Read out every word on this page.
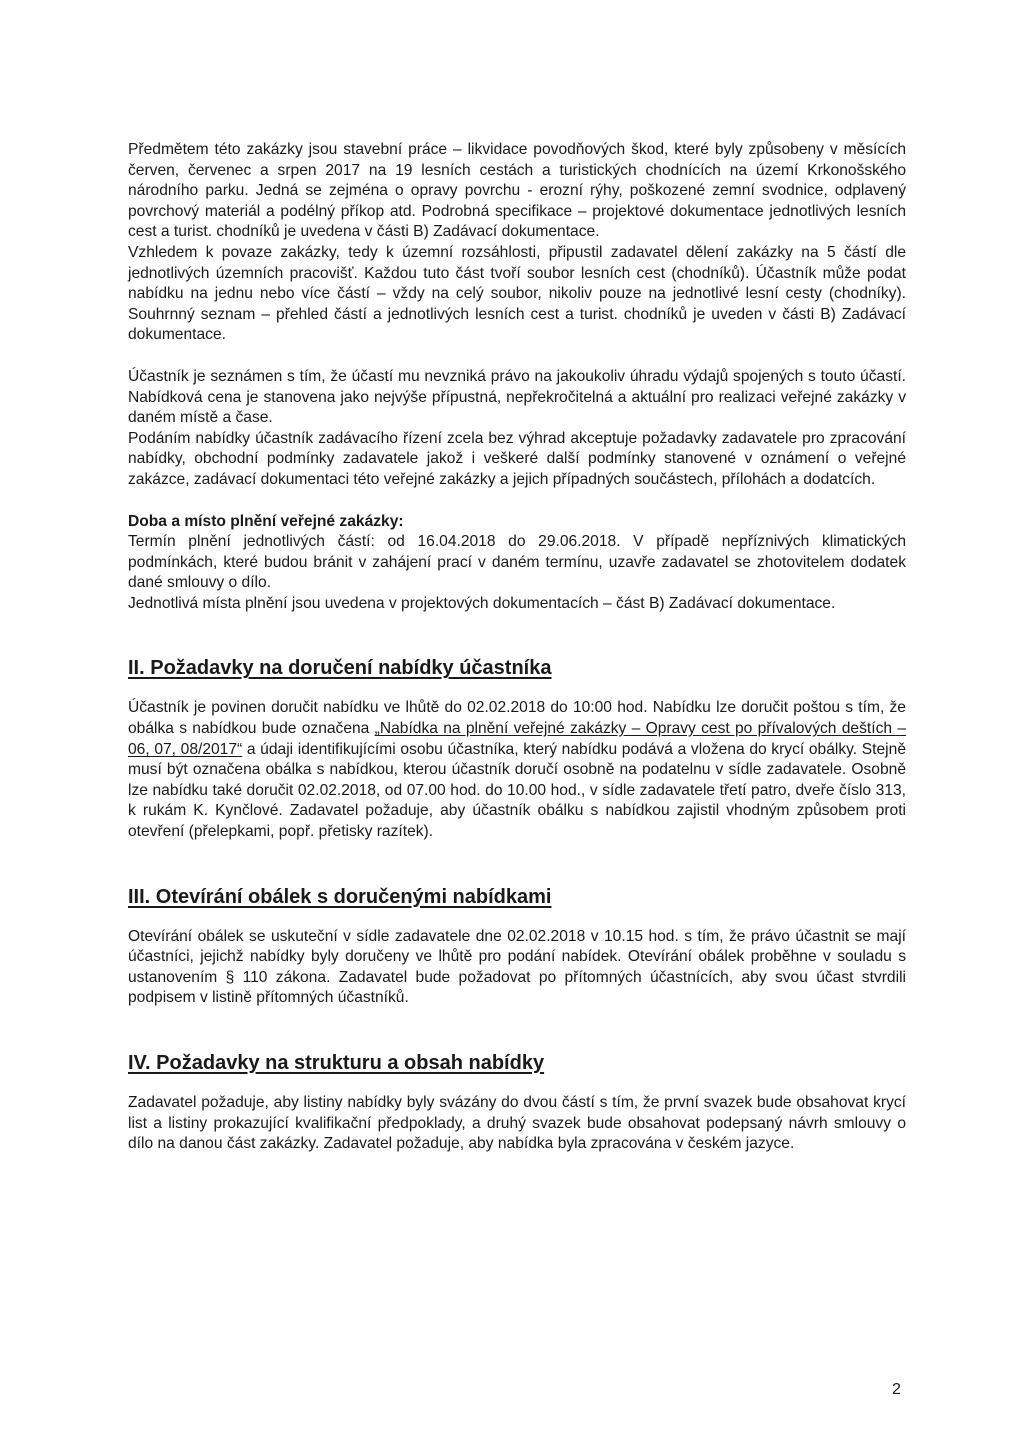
Předmětem této zakázky jsou stavební práce – likvidace povodňových škod, které byly způsobeny v měsících červen, červenec a srpen 2017 na 19 lesních cestách a turistických chodnících na území Krkonošského národního parku. Jedná se zejména o opravy povrchu - erozní rýhy, poškozené zemní svodnice, odplavený povrchový materiál a podélný příkop atd. Podrobná specifikace – projektové dokumentace jednotlivých lesních cest a turist. chodníků je uvedena v části B) Zadávací dokumentace.

Vzhledem k povaze zakázky, tedy k územní rozsáhlosti, připustil zadavatel dělení zakázky na 5 částí dle jednotlivých územních pracovišť. Každou tuto část tvoří soubor lesních cest (chodníků). Účastník může podat nabídku na jednu nebo více částí – vždy na celý soubor, nikoliv pouze na jednotlivé lesní cesty (chodníky). Souhrnný seznam – přehled částí a jednotlivých lesních cest a turist. chodníků je uveden v části B) Zadávací dokumentace.

Účastník je seznámen s tím, že účastí mu nevzniká právo na jakoukoliv úhradu výdajů spojených s touto účastí. Nabídková cena je stanovena jako nejvýše přípustná, nepřekročitelná a aktuální pro realizaci veřejné zakázky v daném místě a čase.

Podáním nabídky účastník zadávacího řízení zcela bez výhrad akceptuje požadavky zadavatele pro zpracování nabídky, obchodní podmínky zadavatele jakož i veškeré další podmínky stanovené v oznámení o veřejné zakázce, zadávací dokumentaci této veřejné zakázky a jejich případných součástech, přílohách a dodatcích.

Doba a místo plnění veřejné zakázky:

Termín plnění jednotlivých částí: od 16.04.2018 do 29.06.2018. V případě nepříznivých klimatických podmínkách, které budou bránit v zahájení prací v daném termínu, uzavře zadavatel se zhotovitelem dodatek dané smlouvy o dílo.

Jednotlivá místa plnění jsou uvedena v projektových dokumentacích – část B) Zadávací dokumentace.

II. Požadavky na doručení nabídky účastníka

Účastník je povinen doručit nabídku ve lhůtě do 02.02.2018 do 10:00 hod. Nabídku lze doručit poštou s tím, že obálka s nabídkou bude označena „Nabídka na plnění veřejné zakázky – Opravy cest po přívalových deštích – 06, 07, 08/2017“ a údaji identifikujícími osobu účastníka, který nabídku podává a vložena do krycí obálky. Stejně musí být označena obálka s nabídkou, kterou účastník doručí osobně na podatelnu v sídle zadavatele. Osobně lze nabídku také doručit 02.02.2018, od 07.00 hod. do 10.00 hod., v sídle zadavatele třetí patro, dveře číslo 313, k rukám K. Kynčlové. Zadavatel požaduje, aby účastník obálku s nabídkou zajistil vhodným způsobem proti otevření (přelepkami, popř. přetisky razítek).

III. Otevírání obálek s doručenými nabídkami

Otevírání obálek se uskuteční v sídle zadavatele dne 02.02.2018 v 10.15 hod. s tím, že právo účastnit se mají účastníci, jejichž nabídky byly doručeny ve lhůtě pro podání nabídek. Otevírání obálek proběhne v souladu s ustanovením § 110 zákona. Zadavatel bude požadovat po přítomných účastnících, aby svou účast stvrdili podpisem v listině přítomných účastníků.

IV. Požadavky na strukturu a obsah nabídky

Zadavatel požaduje, aby listiny nabídky byly svázány do dvou částí s tím, že první svazek bude obsahovat krycí list a listiny prokazující kvalifikační předpoklady, a druhý svazek bude obsahovat podepsaný návrh smlouvy o dílo na danou část zakázky. Zadavatel požaduje, aby nabídka byla zpracována v českém jazyce.

2
